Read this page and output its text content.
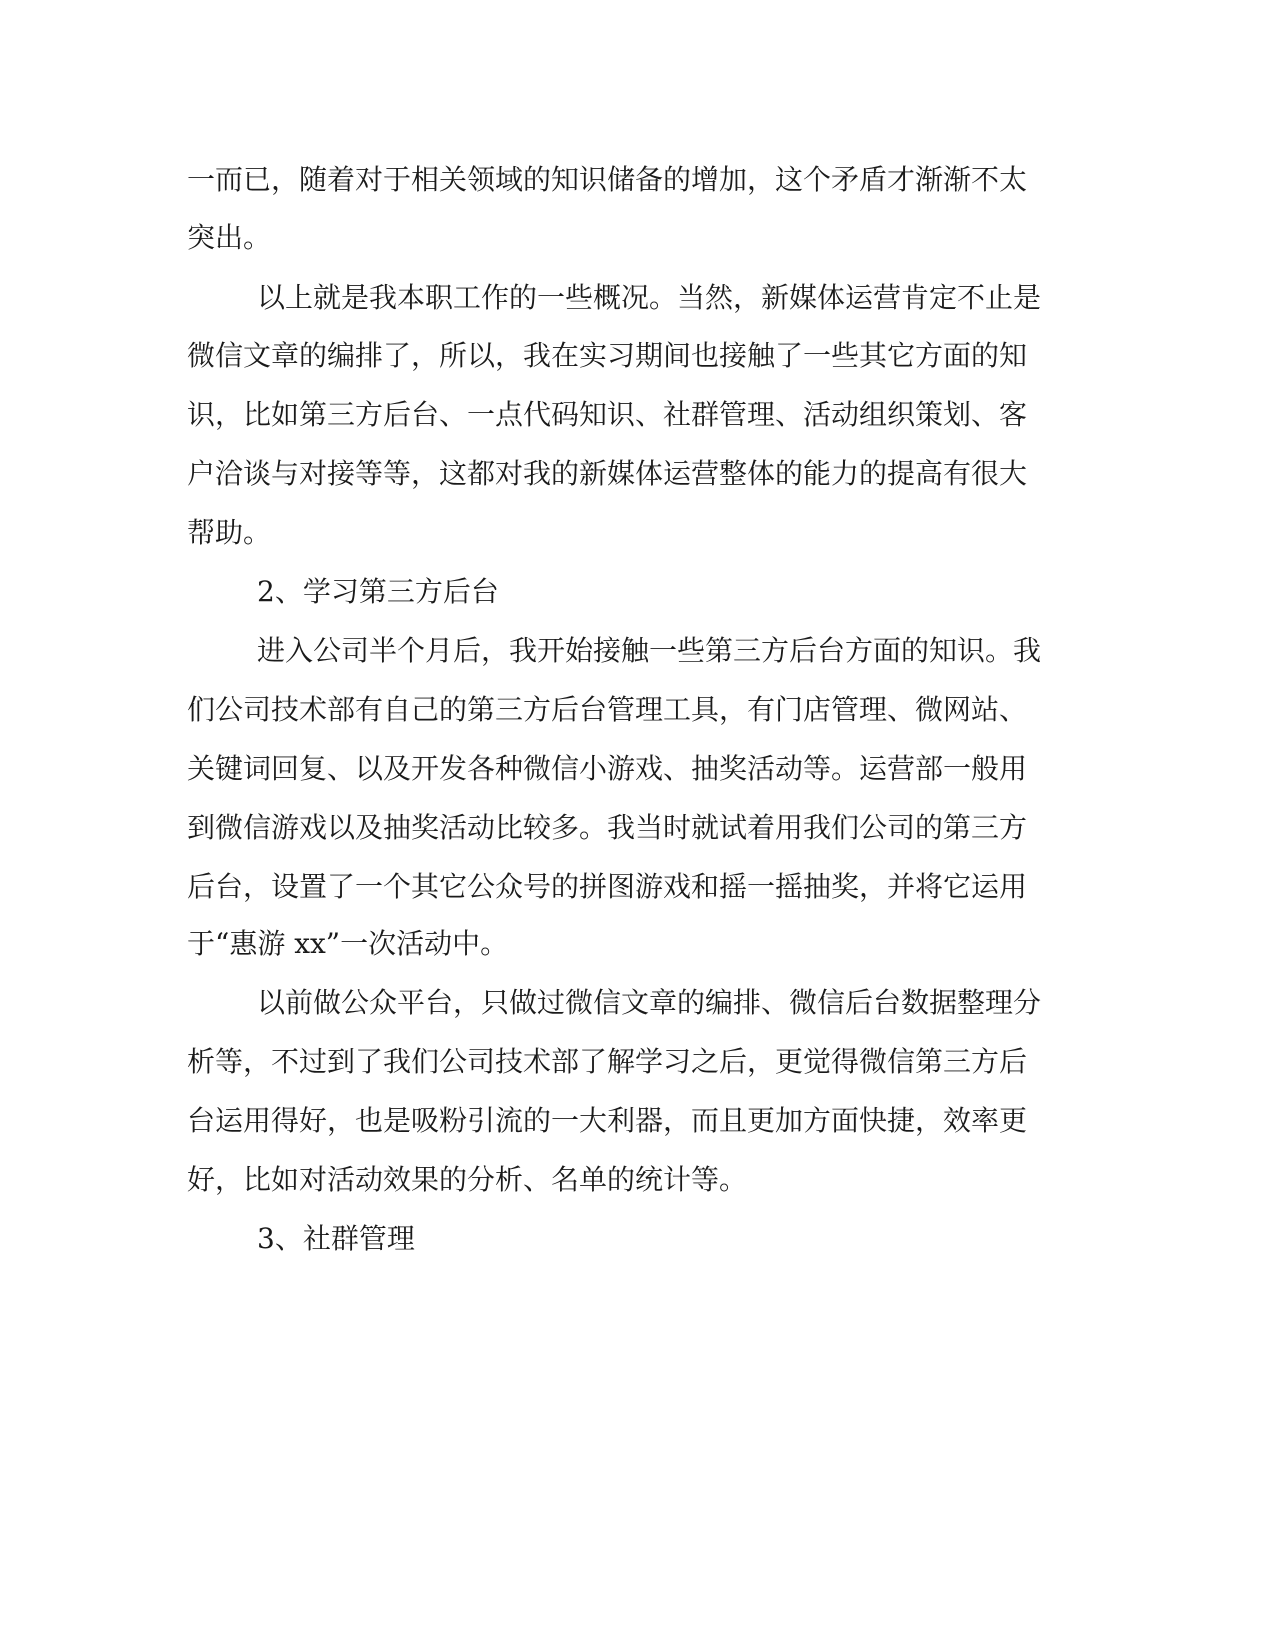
一而已，随着对于相关领域的知识储备的增加，这个矛盾才渐渐不太
突出。
以上就是我本职工作的一些概况。当然，新媒体运营肯定不止是
微信文章的编排了，所以，我在实习期间也接触了一些其它方面的知
识，比如第三方后台、一点代码知识、社群管理、活动组织策划、客
户洽谈与对接等等，这都对我的新媒体运营整体的能力的提高有很大
帮助。
2、学习第三方后台
进入公司半个月后，我开始接触一些第三方后台方面的知识。我
们公司技术部有自己的第三方后台管理工具，有门店管理、微网站、
关键词回复、以及开发各种微信小游戏、抽奖活动等。运营部一般用
到微信游戏以及抽奖活动比较多。我当时就试着用我们公司的第三方
后台，设置了一个其它公众号的拼图游戏和摇一摇抽奖，并将它运用
于“惠游 xx”一次活动中。
以前做公众平台，只做过微信文章的编排、微信后台数据整理分
析等，不过到了我们公司技术部了解学习之后，更觉得微信第三方后
台运用得好，也是吸粉引流的一大利器，而且更加方面快捷，效率更
好，比如对活动效果的分析、名单的统计等。
3、社群管理
